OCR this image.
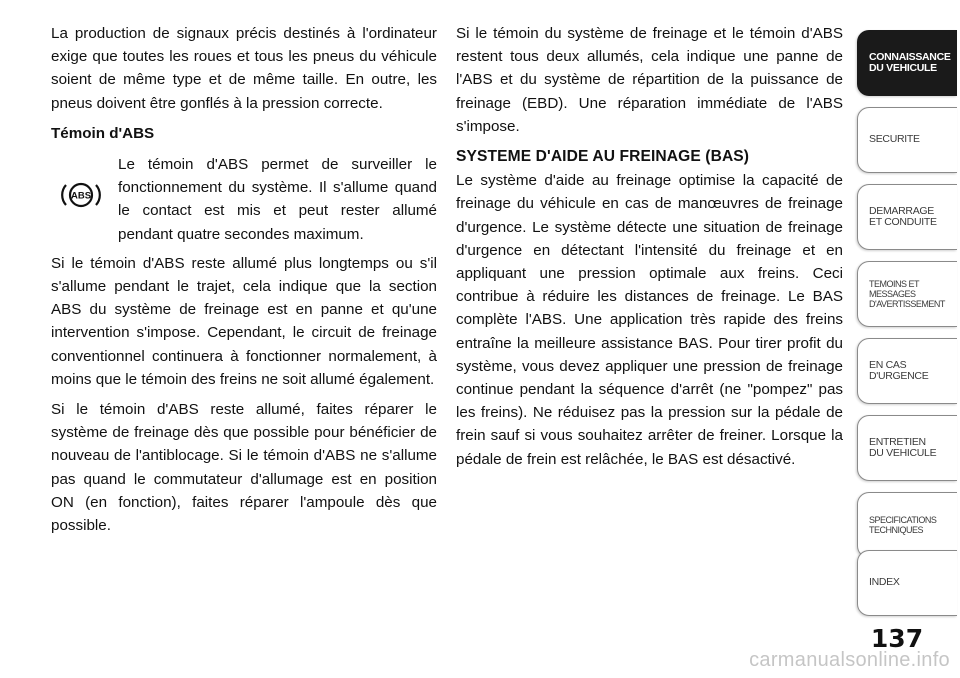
La production de signaux précis destinés à l'ordinateur exige que toutes les roues et tous les pneus du véhicule soient de même type et de même taille. En outre, les pneus doivent être gonflés à la pression correcte.

Témoin d'ABS
ABS

Le témoin d'ABS permet de surveiller le fonctionnement du système. Il s'allume quand le contact est mis et peut rester allumé pendant quatre secondes maximum.

Si le témoin d'ABS reste allumé plus longtemps ou s'il s'allume pendant le trajet, cela indique que la section ABS du système de freinage est en panne et qu'une intervention s'impose. Cependant, le circuit de freinage conventionnel continuera à fonctionner normalement, à moins que le témoin des freins ne soit allumé également.

Si le témoin d'ABS reste allumé, faites réparer le système de freinage dès que possible pour bénéficier de nouveau de l'antiblocage. Si le témoin d'ABS ne s'allume pas quand le commutateur d'allumage est en position ON (en fonction), faites réparer l'ampoule dès que possible.

Si le témoin du système de freinage et le témoin d'ABS restent tous deux allumés, cela indique une panne de l'ABS et du système de répartition de la puissance de freinage (EBD). Une réparation immédiate de l'ABS s'impose.

SYSTEME D'AIDE AU FREINAGE (BAS)

Le système d'aide au freinage optimise la capacité de freinage du véhicule en cas de manœuvres de freinage d'urgence. Le système détecte une situation de freinage d'urgence en détectant l'intensité du freinage et en appliquant une pression optimale aux freins. Ceci contribue à réduire les distances de freinage. Le BAS complète l'ABS. Une application très rapide des freins entraîne la meilleure assistance BAS. Pour tirer profit du système, vous devez appliquer une pression de freinage continue pendant la séquence d'arrêt (ne "pompez" pas les freins). Ne réduisez pas la pression sur la pédale de frein sauf si vous souhaitez arrêter de freiner. Lorsque la pédale de frein est relâchée, le BAS est désactivé.

CONNAISSANCE
DU VEHICULE
SECURITE
DEMARRAGE
ET CONDUITE
TEMOINS ET
MESSAGES
D'AVERTISSEMENT
EN CAS
D'URGENCE
ENTRETIEN
DU VEHICULE
SPECIFICATIONS
TECHNIQUES
INDEX
137
carmanualsonline.info
